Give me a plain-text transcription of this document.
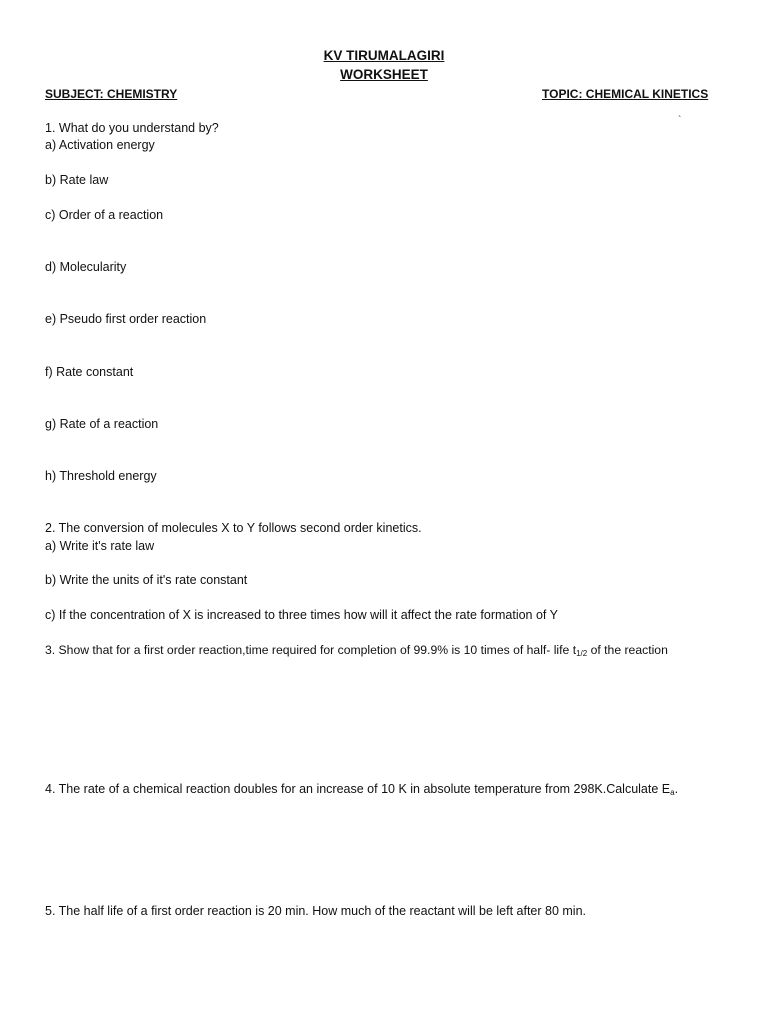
KV TIRUMALAGIRI
WORKSHEET
SUBJECT: CHEMISTRY	TOPIC: CHEMICAL KINETICS
`
1. What do you understand by?
a) Activation energy
b) Rate law
c) Order of a reaction
d) Molecularity
e) Pseudo first order reaction
f) Rate constant
g) Rate of a reaction
h) Threshold energy
2. The conversion of molecules X to Y follows second order kinetics.
a) Write it's rate law
b) Write the units of it's rate constant
c) If the concentration of X is increased to three times how will it affect the rate formation of Y
3. Show that for a first order reaction,time required for completion of 99.9% is 10 times of half- life $t_{1/2}$ of the reaction
4. The rate of a chemical reaction doubles for an increase of 10 K in absolute temperature from 298K.Calculate $E_a$.
5. The half life of a first order reaction is 20 min. How much of the reactant will be left after 80 min.
